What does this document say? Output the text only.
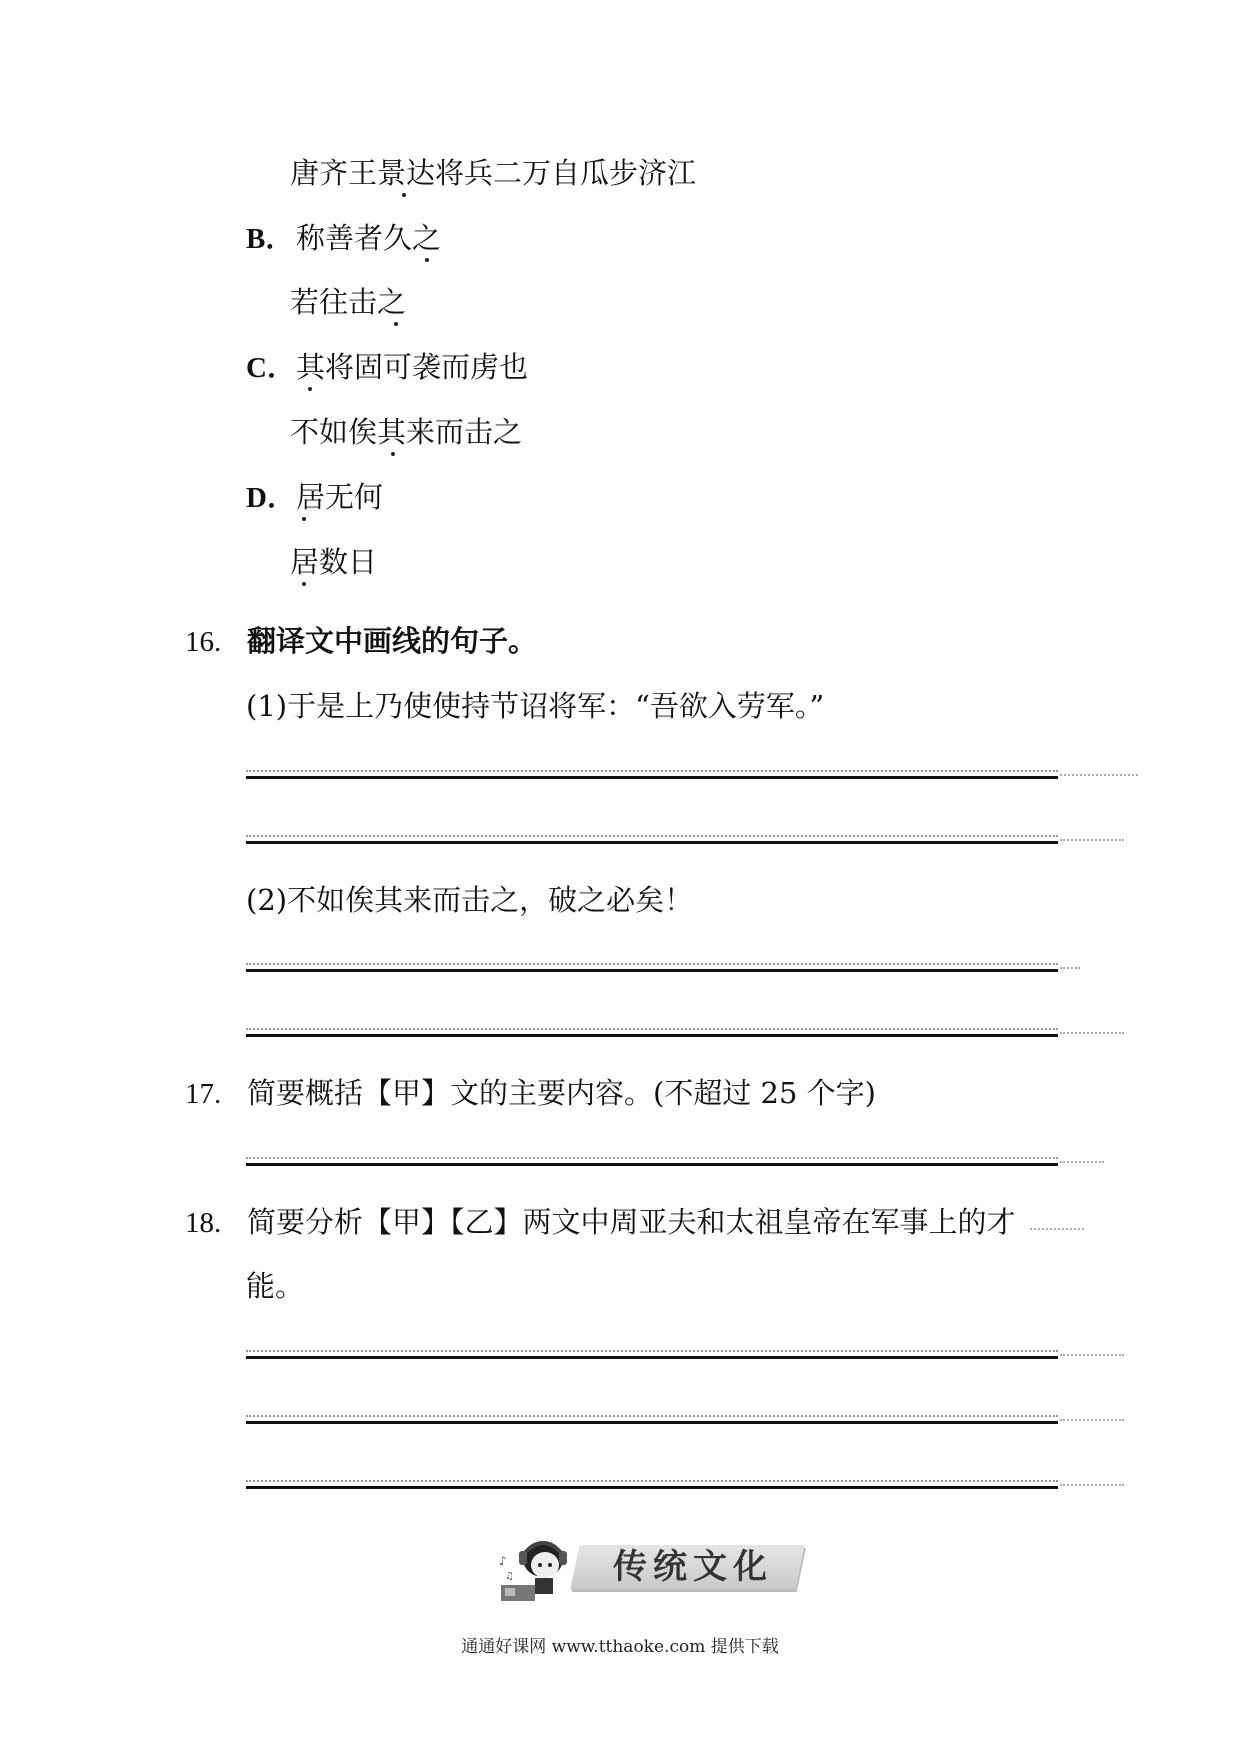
唐齐王景达将兵二万自瓜步济江
B．称善者久之
若往击之
C．其将固可袭而虏也
不如俟其来而击之
D．居无何
居数日
16. 翻译文中画线的句子。
(1)于是上乃使使持节诏将军：“吾欲入劳军。”
(2)不如俟其来而击之，破之必矣！
17. 简要概括【甲】文的主要内容。(不超过 25 个字)
18. 简要分析【甲】【乙】两文中周亚夫和太祖皇帝在军事上的才
能。
♪
♫	传统文化
通通好课网 www.tthaoke.com 提供下载
